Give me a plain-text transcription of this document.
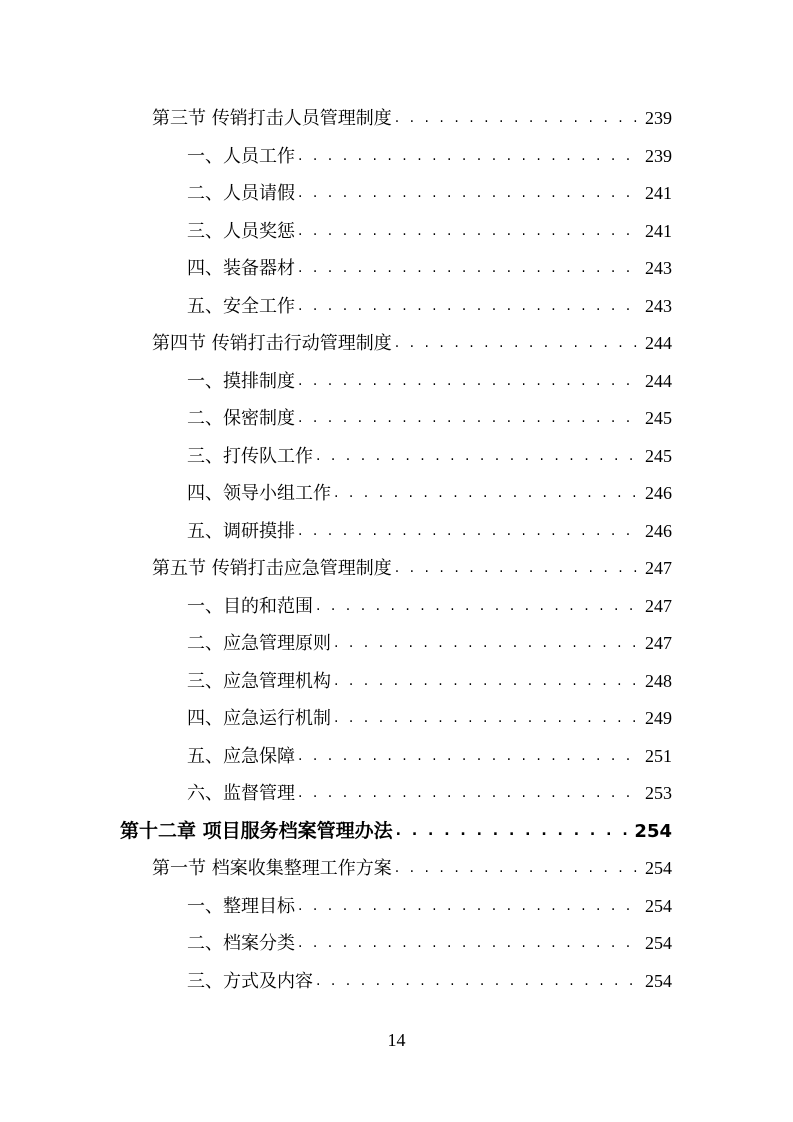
第三节 传销打击人员管理制度 . . .	239
一、人员工作 . . .	239
二、人员请假 . . .	241
三、人员奖惩 . . .	241
四、装备器材 . . .	243
五、安全工作 . . .	243
第四节 传销打击行动管理制度 . . .	244
一、摸排制度 . . .	244
二、保密制度 . . .	245
三、打传队工作 . . .	245
四、领导小组工作 . . .	246
五、调研摸排 . . .	246
第五节 传销打击应急管理制度 . . .	247
一、目的和范围 . . .	247
二、应急管理原则 . . .	247
三、应急管理机构 . . .	248
四、应急运行机制 . . .	249
五、应急保障 . . .	251
六、监督管理 . . .	253
第十二章 项目服务档案管理办法 . . .	254
第一节 档案收集整理工作方案 . . .	254
一、整理目标 . . .	254
二、档案分类 . . .	254
三、方式及内容 . . .	254
14
